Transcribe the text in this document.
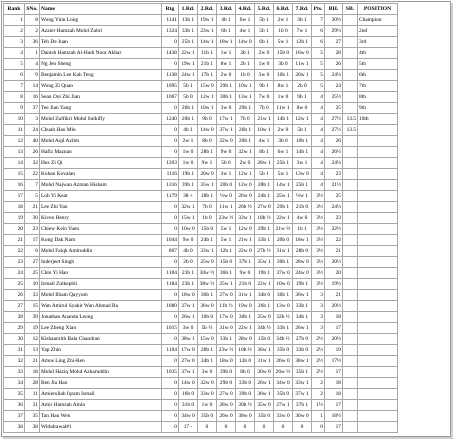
Rank	SNo.	Name	Rtg	1.Rd.	2.Rd.	3.Rd.	4.Rd.	5.Rd.	6.Rd.	7.Rd.	Pts.	BH.	SB.	POSITION
1	8	Wong Yinn Long	1141	13b 1	19w 1	4b 1	6w 1	5b 1	2w 1	3b 1	7	30½		Champion
2	2	Azzier Hamzah Mohd Zubri	1324	33b 1	23w 1	6b 1	4w 1	5b 1	1b 0	7w 1	6	29½		2nd
3	36	Teh De Juan	0	25b 1	14w 1	18w 1	14w 0	6b 1	5w 1	12b 1	6	27		3rd
4	1	Danish Hamzah Al-Hadi Noor Akbar	1438	22w 1	11b 1	1w 1	3b 1	2w 0	15b 0	16w 0	5	28		4th
5	4	Ng Jen Sheng	0	19w 1	21b 1	8w 1	2b 1	1w 0	3b 0	11w 1	5	26		5th
6	9	Benjamin Lee Kah Teng	1138	24w 1	17b 1	2w 0	1b 0	3w 0	16b 1	20w 1	5	24½		6th
7	14	Wong Zi Quan	1095	5b 1	15w 0	29b 1	10w 1	9b 1	8w 1	2b 0	5	24		7th
8	16	Sean Ooi Zhi Jian	1067	5b 0	12w 1	30b 1	13w 1	7w 0	1w 0	9b 1	4	25½		8th
9	37	Tee Jian Yang	0	26b 1	10w 1	3w 0	29b 1	7b 0	11w 1	8w 0	4	25		9th
10	3	Mohd Zulfikri Mohd Sulkifly	1240	20b 1	9b 0	17w 1	7b 0	21w 1	14b 1	12w 1	4	27½	13.5	10th
11	24	Chuah Hao Min	0	4b 1	14w 0	37w 1	26b 1	10w 1	2w 0	5b 1	4	27½	13.5	
12	40	Mohd Aqil Azlim	0	2w 1	8b 0	22w 0	20b 1	4w 1	3b 0	10b 1	4	26		
13	26	Hafiz Maznan	0	1w 0	28b 1	9w 0	32w 1	8b 1	6w 1	14b 1	4	26½		
14	32	Hez Zi Qi	1203	1w 0	9w 1	5b 0	2w 0	28w 1	25b 1	3w 1	4	24½		
15	22	Kuhan Kovalan	1116	19b 1	20w 0	3w 1	12w 1	5b 1	5w 1	13w 0	4	23		
16	7	Mohd Najwan Azman Hisham	1316	39b 1	35w 1	20b 0	12w 0	28b 1	14w 1	25b 1	4	21½		
17	5	Loh Yi Keat	1179	38 +	18b 1	½w 0	26w 0	24b 1	25w 1	½w 1	3½	25		
18	21	Lee Zhi Yan	0	32w 1	7b 0	11w 1	26b ½	27w 0	29b 1	21b 0	3½	24½		
19	30	Kiven Henry	0	15w 1	1b 0	23w ½	33w 1	18b ½	22w 1	4w 0	3½	23		
20	23	Chiew Kein Yuen	0	10w 0	15b 0	5w 1	12w 0	29b 1	21w ½	1b 1	3½	22½		
21	17	Kong Dak Nam	1044	9w 0	24b 1	5w 1	21w 1	33b 1	20b 0	18w 1	3½	22		
22	6	Mohd Faiqh Amiruddin	807	4b 0	33w 1	12b 1	22w 0	27b ½	31w 1	28b 0	3½	21		
23	27	Inderjeet Singh	0	2b 0	25w 0	15b 0	37b 1	35w 1	30b 1	28w 0	3½	20½		
24	25	Chin Yi Hao	1184	23b 1	30w ½	36b 1	9w 0	19b 1	37w 0	24w 0	3½	20		
25	10	Izmail Zulkephli	1184	23b 1	38w ½	25w 1	21b 0	22w 1	10w 0	19b 1	3½	19½		
26	33	Mohd Ilham Qayyum	0	18w 0	30b 1	27w 0	31w 1	34b 0	36b 1	36w 1	3	21		
27	15	Wan Amirul Syakir Wan Ahmad Ra	1080	27w 1	36w 0	11b ½	19w 0	26b 1	13w 0	33b 1	3	20½		
28	39	Jonathan Ananda Leong	0	26w 1	10b 0	17w 0	30b 1	25w 0	32b ½	34b 1	3	18		
29	19	Lee Zheng Xian	1015	3w 0	5b ½	31w 0	22w 1	34b ½	33b 1	26w 1	3	17		
30	12	Kishaanrith Bala Chandran	0	38w 1	15w 0	33b 1	28w 0	15b 0	34b ½	27b 0	2½	20½		
31	13	Yap Zhin	1104	17w 0	28b 1	23w ½	10b ½	36w 1	35b 0	33b 0	2½	19		
32	21	Amos Ling Zhi-Ren	0	27w 0	34b 1	18w 0	13b 0	31w 1	26w 0	38w 1	2½	17½		
33	18	Mohd Haziq Mohd Azharuddin	1035	37w 1	3w 0	39b 0	8b 0	30w 0	26w ½	35b 1	2½	17		
34	28	Ben Jia Hao	0	14w 0	32w 0	29b 0	33b 0	26w 1	34w 0	33w 1	2	18		
35	11	Amierullah Iqram Ismail	0	16b 0	33w 0	27w 0	39b 0	36w 1	35b 0	37w 1	2	18		
36	31	Amir Hamzah Amin	0	31b 0	1w 0	28w 0	30b ½	35w 0	27w 1	37b 1	1½	17		
37	35	Tan Hau Wen	0	34w 0	35b 0	26w 0	38w 0	35b 0	33w 0	36w 0	1	18½		
38	38	Withdrawal#1	0	17 -	0	0	0	0	0	0	0	17		
